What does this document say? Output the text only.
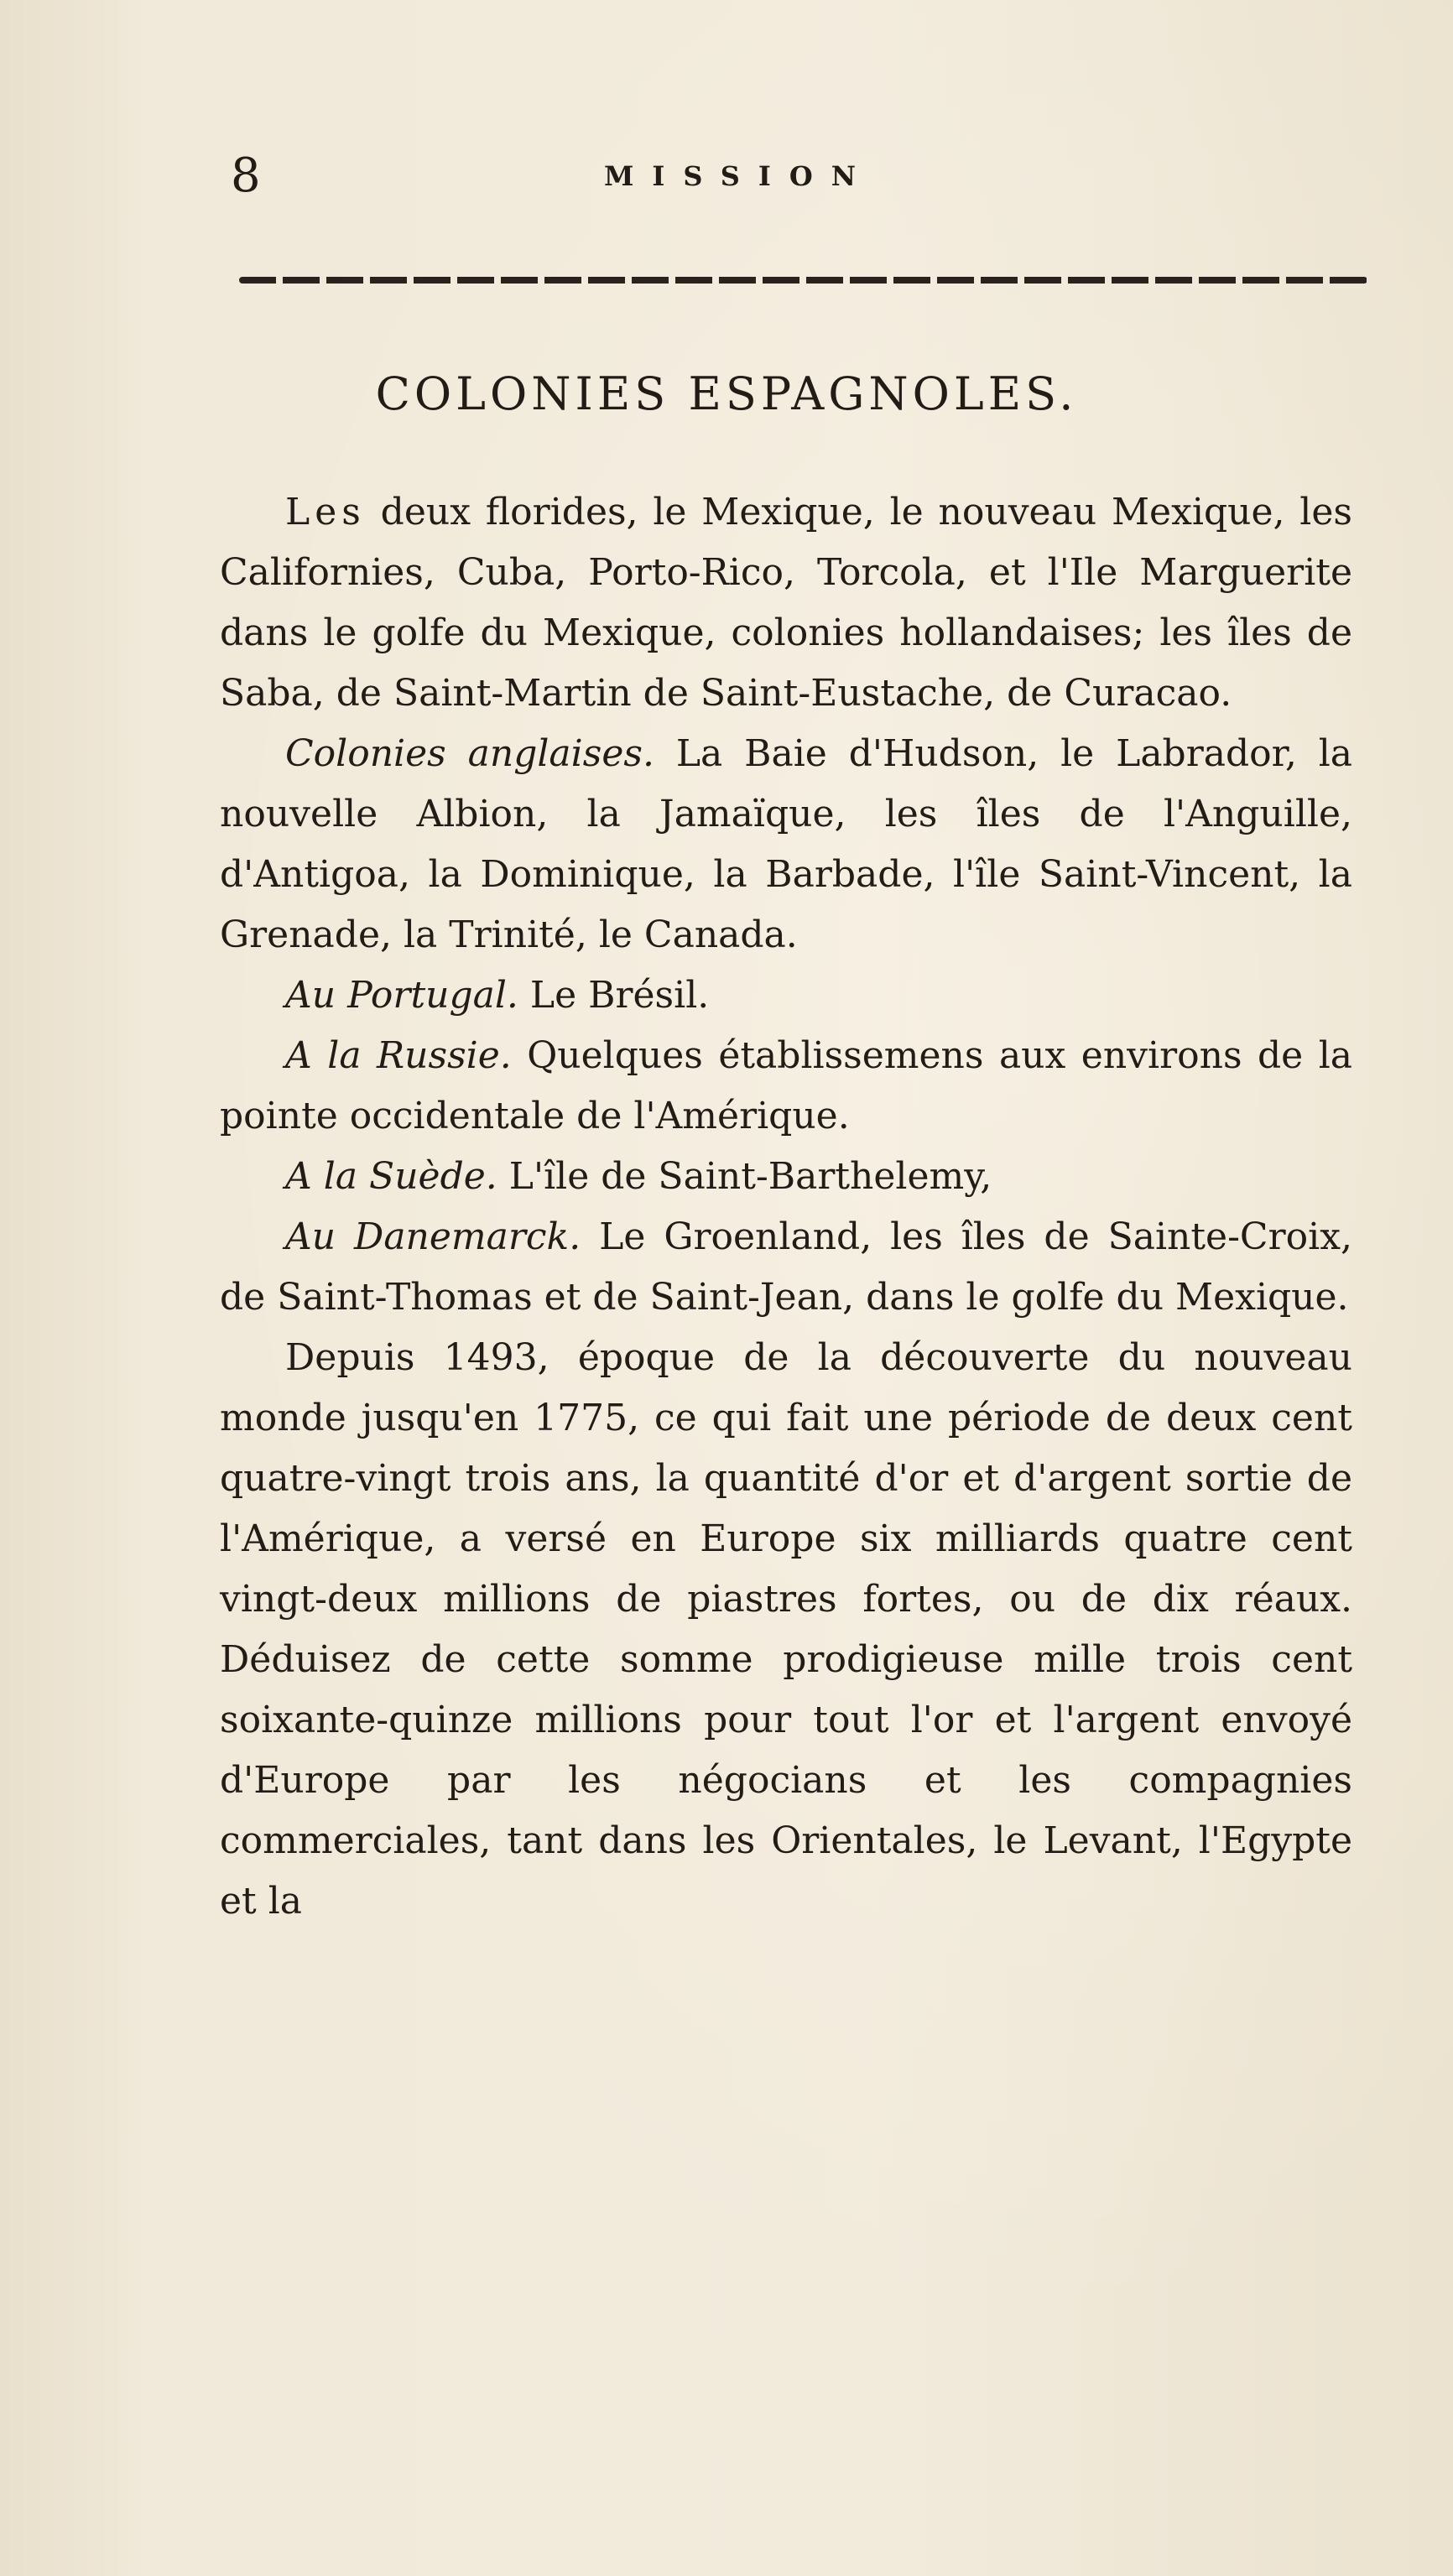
8	MISSION
COLONIES ESPAGNOLES.

Les deux florides, le Mexique, le nouveau Mexique, les Californies, Cuba, Porto-Rico, Torcola, et l'Ile Marguerite dans le golfe du Mexique, colonies hollandaises; les îles de Saba, de Saint-Martin de Saint-Eustache, de Curacao.

Colonies anglaises. La Baie d'Hudson, le Labrador, la nouvelle Albion, la Jamaïque, les îles de l'Anguille, d'Antigoa, la Dominique, la Barbade, l'île Saint-Vincent, la Grenade, la Trinité, le Canada.

Au Portugal. Le Brésil.

A la Russie. Quelques établissemens aux environs de la pointe occidentale de l'Amérique.

A la Suède. L'île de Saint-Barthelemy,

Au Danemarck. Le Groenland, les îles de Sainte-Croix, de Saint-Thomas et de Saint-Jean, dans le golfe du Mexique.

Depuis 1493, époque de la découverte du nouveau monde jusqu'en 1775, ce qui fait une période de deux cent quatre-vingt trois ans, la quantité d'or et d'argent sortie de l'Amérique, a versé en Europe six milliards quatre cent vingt-deux millions de piastres fortes, ou de dix réaux. Déduisez de cette somme prodigieuse mille trois cent soixante-quinze millions pour tout l'or et l'argent envoyé d'Europe par les négocians et les compagnies commerciales, tant dans les Orientales, le Levant, l'Egypte et la
